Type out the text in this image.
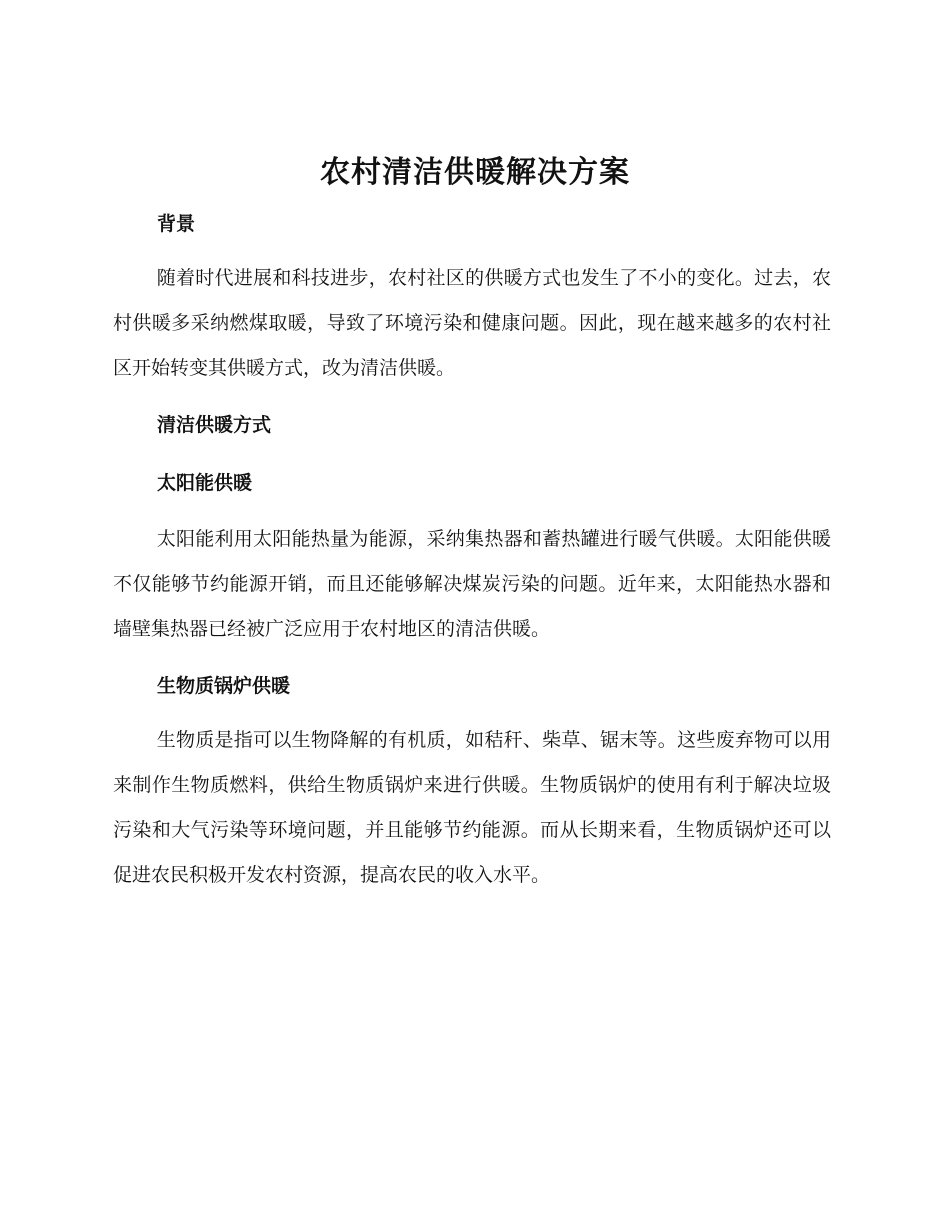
农村清洁供暖解决方案

背景

随着时代进展和科技进步，农村社区的供暖方式也发生了不小的变化。过去，农村供暖多采纳燃煤取暖，导致了环境污染和健康问题。因此，现在越来越多的农村社区开始转变其供暖方式，改为清洁供暖。

清洁供暖方式

太阳能供暖

太阳能利用太阳能热量为能源，采纳集热器和蓄热罐进行暖气供暖。太阳能供暖不仅能够节约能源开销，而且还能够解决煤炭污染的问题。近年来，太阳能热水器和墙壁集热器已经被广泛应用于农村地区的清洁供暖。

生物质锅炉供暖

生物质是指可以生物降解的有机质，如秸秆、柴草、锯末等。这些废弃物可以用来制作生物质燃料，供给生物质锅炉来进行供暖。生物质锅炉的使用有利于解决垃圾污染和大气污染等环境问题，并且能够节约能源。而从长期来看，生物质锅炉还可以促进农民积极开发农村资源，提高农民的收入水平。
